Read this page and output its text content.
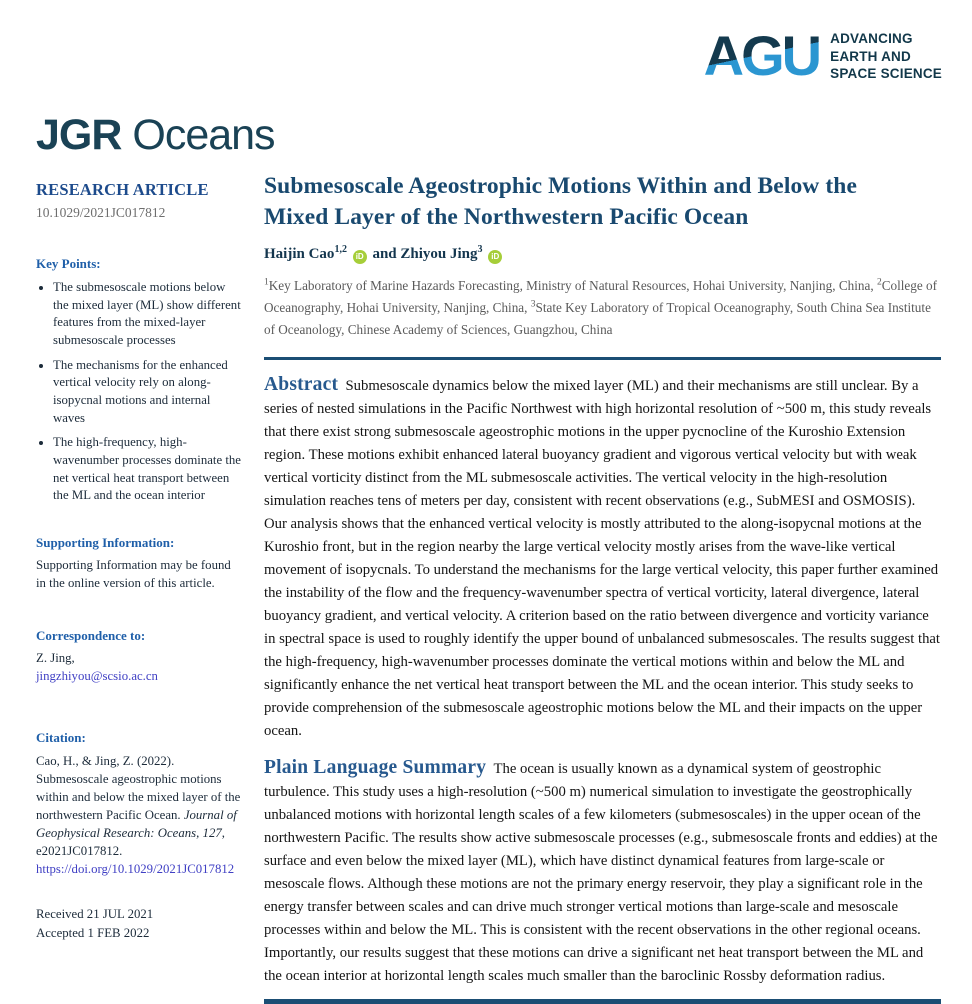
AGU ADVANCING
EARTH AND
SPACE SCIENCE
JGR Oceans
RESEARCH ARTICLE
10.1029/2021JC017812
Key Points:
• The submesoscale motions below the mixed layer (ML) show different features from the mixed-layer submesoscale processes
• The mechanisms for the enhanced vertical velocity rely on along-isopycnal motions and internal waves
• The high-frequency, high-wavenumber processes dominate the net vertical heat transport between the ML and the ocean interior
Supporting Information:
Supporting Information may be found in the online version of this article.
Correspondence to:
Z. Jing,
jingzhiyou@scsio.ac.cn
Citation:
Cao, H., & Jing, Z. (2022). Submesoscale ageostrophic motions within and below the mixed layer of the northwestern Pacific Ocean. Journal of Geophysical Research: Oceans, 127, e2021JC017812.
https://doi.org/10.1029/2021JC017812
Received 21 JUL 2021
Accepted 1 FEB 2022
Submesoscale Ageostrophic Motions Within and Below the
Mixed Layer of the Northwestern Pacific Ocean
Haijin Cao$^{1,2}$ iD and Zhiyou Jing$^3$ iD
$^1$Key Laboratory of Marine Hazards Forecasting, Ministry of Natural Resources, Hohai University, Nanjing, China, $^2$College of Oceanography, Hohai University, Nanjing, China, $^3$State Key Laboratory of Tropical Oceanography, South China Sea Institute of Oceanology, Chinese Academy of Sciences, Guangzhou, China
Abstract Submesoscale dynamics below the mixed layer (ML) and their mechanisms are still unclear. By a series of nested simulations in the Pacific Northwest with high horizontal resolution of ~500 m, this study reveals that there exist strong submesoscale ageostrophic motions in the upper pycnocline of the Kuroshio Extension region. These motions exhibit enhanced lateral buoyancy gradient and vigorous vertical velocity but with weak vertical vorticity distinct from the ML submesoscale activities. The vertical velocity in the high-resolution simulation reaches tens of meters per day, consistent with recent observations (e.g., SubMESI and OSMOSIS). Our analysis shows that the enhanced vertical velocity is mostly attributed to the along-isopycnal motions at the Kuroshio front, but in the region nearby the large vertical velocity mostly arises from the wave-like vertical movement of isopycnals. To understand the mechanisms for the large vertical velocity, this paper further examined the instability of the flow and the frequency-wavenumber spectra of vertical vorticity, lateral divergence, lateral buoyancy gradient, and vertical velocity. A criterion based on the ratio between divergence and vorticity variance in spectral space is used to roughly identify the upper bound of unbalanced submesoscales. The results suggest that the high-frequency, high-wavenumber processes dominate the vertical motions within and below the ML and significantly enhance the net vertical heat transport between the ML and the ocean interior. This study seeks to provide comprehension of the submesoscale ageostrophic motions below the ML and their impacts on the upper ocean.
Plain Language Summary The ocean is usually known as a dynamical system of geostrophic turbulence. This study uses a high-resolution (~500 m) numerical simulation to investigate the geostrophically unbalanced motions with horizontal length scales of a few kilometers (submesoscales) in the upper ocean of the northwestern Pacific. The results show active submesoscale processes (e.g., submesoscale fronts and eddies) at the surface and even below the mixed layer (ML), which have distinct dynamical features from large-scale or mesoscale flows. Although these motions are not the primary energy reservoir, they play a significant role in the energy transfer between scales and can drive much stronger vertical motions than large-scale and mesoscale processes within and below the ML. This is consistent with the recent observations in the other regional oceans. Importantly, our results suggest that these motions can drive a significant net heat transport between the ML and the ocean interior at horizontal length scales much smaller than the baroclinic Rossby deformation radius.
